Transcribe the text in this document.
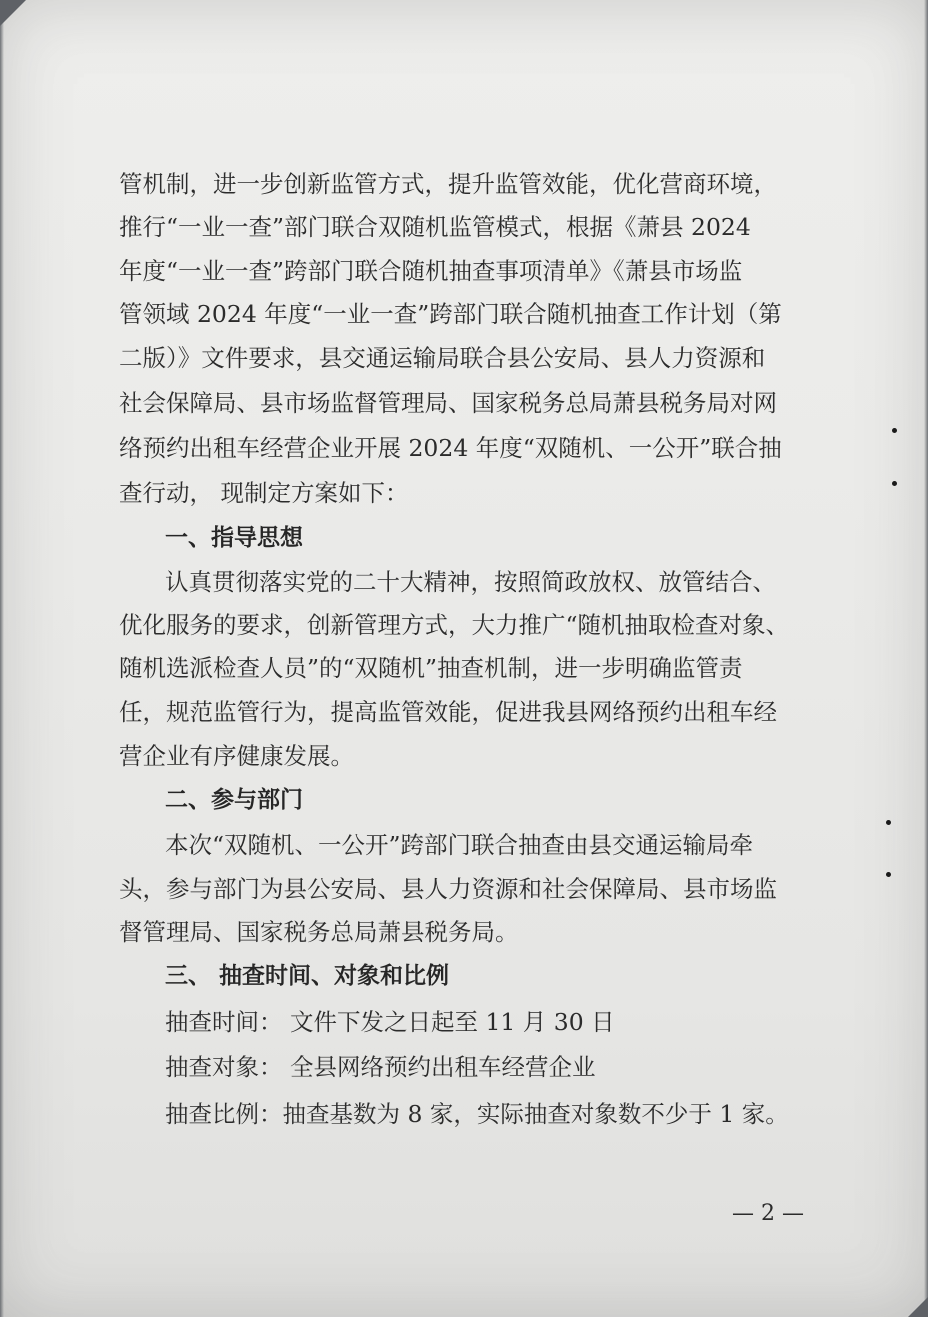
管机制，进一步创新监管方式，提升监管效能，优化营商环境，
推行“一业一查”部门联合双随机监管模式，根据《萧县 2024
年度“一业一查”跨部门联合随机抽查事项清单》《萧县市场监
管领域 2024 年度“一业一查”跨部门联合随机抽查工作计划（第
二版）》文件要求，县交通运输局联合县公安局、县人力资源和
社会保障局、县市场监督管理局、国家税务总局萧县税务局对网
络预约出租车经营企业开展 2024 年度“双随机、一公开”联合抽
查行动， 现制定方案如下：
一、指导思想
认真贯彻落实党的二十大精神，按照简政放权、放管结合、
优化服务的要求，创新管理方式，大力推广“随机抽取检查对象、
随机选派检查人员”的“双随机”抽查机制，进一步明确监管责
任，规范监管行为，提高监管效能，促进我县网络预约出租车经
营企业有序健康发展。
二、参与部门
本次“双随机、一公开”跨部门联合抽查由县交通运输局牵
头，参与部门为县公安局、县人力资源和社会保障局、县市场监
督管理局、国家税务总局萧县税务局。
三、 抽查时间、对象和比例
抽查时间： 文件下发之日起至 11 月 30 日
抽查对象： 全县网络预约出租车经营企业
抽查比例：抽查基数为 8 家，实际抽查对象数不少于 1 家。
— 2 —
